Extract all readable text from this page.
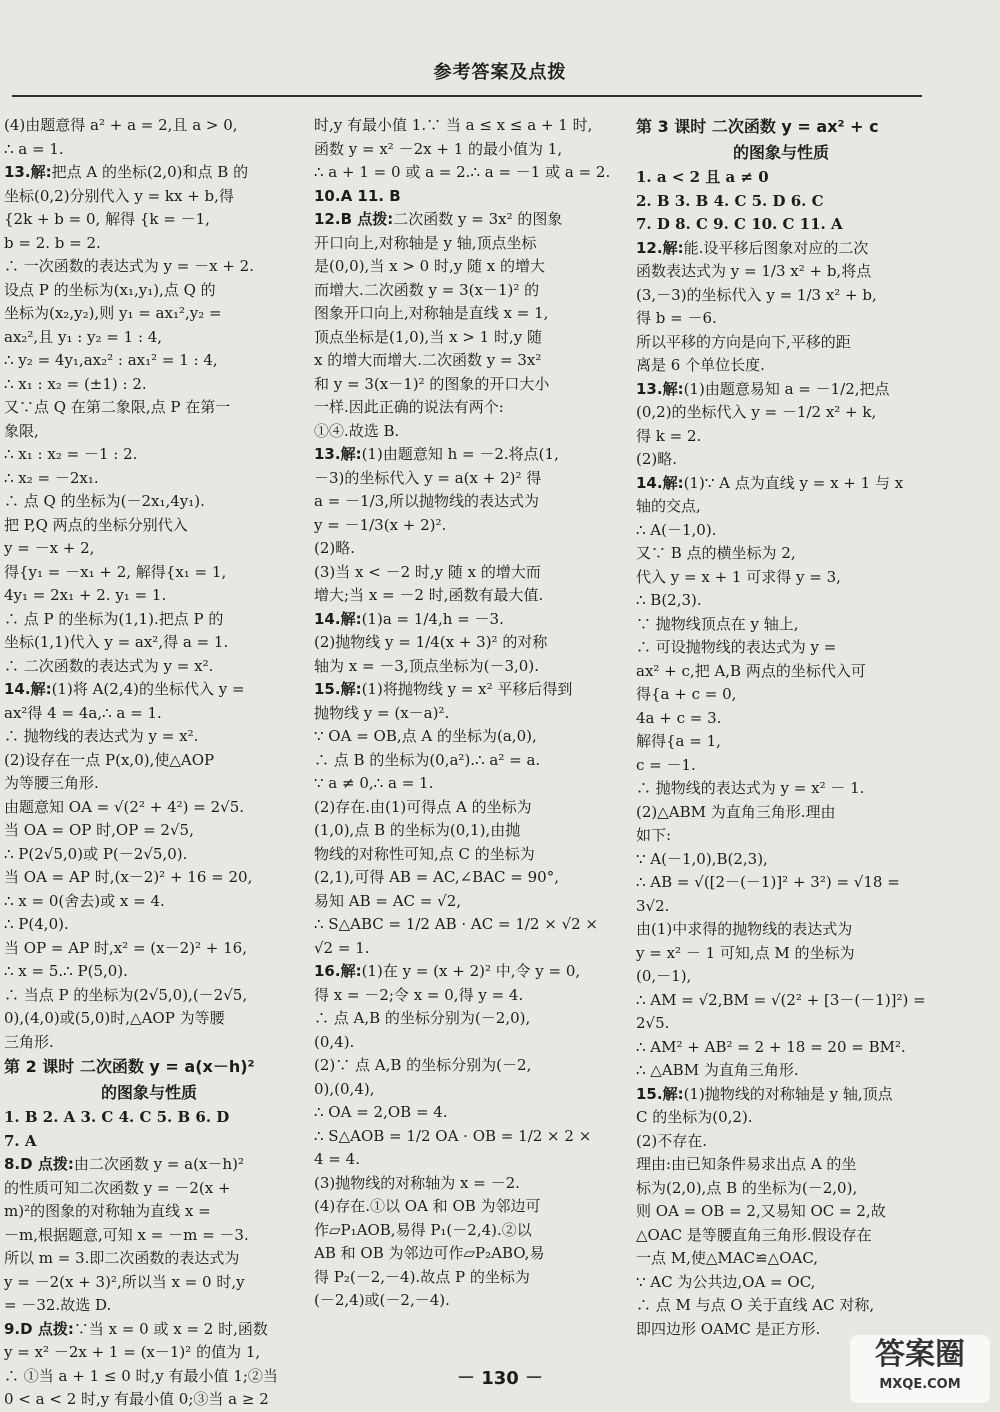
参考答案及点拨
(4)由题意得 a² + a = 2,且 a > 0,
∴ a = 1.
13.解:把点 A 的坐标(2,0)和点 B 的
坐标(0,2)分别代入 y = kx + b,得
{2k + b = 0, 解得 {k = －1,
b = 2. b = 2.
∴ 一次函数的表达式为 y = －x + 2.
设点 P 的坐标为(x₁,y₁),点 Q 的
坐标为(x₂,y₂),则 y₁ = ax₁²,y₂ =
ax₂²,且 y₁ : y₂ = 1 : 4,
∴ y₂ = 4y₁,ax₂² : ax₁² = 1 : 4,
∴ x₁ : x₂ = (±1) : 2.
又∵点 Q 在第二象限,点 P 在第一
象限,
∴ x₁ : x₂ = －1 : 2.
∴ x₂ = －2x₁.
∴ 点 Q 的坐标为(－2x₁,4y₁).
把 P,Q 两点的坐标分别代入
y = －x + 2,
得{y₁ = －x₁ + 2, 解得{x₁ = 1,
4y₁ = 2x₁ + 2. y₁ = 1.
∴ 点 P 的坐标为(1,1).把点 P 的
坐标(1,1)代入 y = ax²,得 a = 1.
∴ 二次函数的表达式为 y = x².
14.解:(1)将 A(2,4)的坐标代入 y =
ax²得 4 = 4a,∴ a = 1.
∴ 抛物线的表达式为 y = x².
(2)设存在一点 P(x,0),使△AOP
为等腰三角形.
由题意知 OA = √(2² + 4²) = 2√5.
当 OA = OP 时,OP = 2√5,
∴ P(2√5,0)或 P(－2√5,0).
当 OA = AP 时,(x－2)² + 16 = 20,
∴ x = 0(舍去)或 x = 4.
∴ P(4,0).
当 OP = AP 时,x² = (x－2)² + 16,
∴ x = 5.∴ P(5,0).
∴ 当点 P 的坐标为(2√5,0),(－2√5,
0),(4,0)或(5,0)时,△AOP 为等腰
三角形.
第 2 课时 二次函数 y = a(x－h)²
的图象与性质
1. B 2. A 3. C 4. C 5. B 6. D
7. A
8.D 点拨:由二次函数 y = a(x－h)²
的性质可知二次函数 y = －2(x +
m)²的图象的对称轴为直线 x =
－m,根据题意,可知 x = －m = －3.
所以 m = 3.即二次函数的表达式为
y = －2(x + 3)²,所以当 x = 0 时,y
= －32.故选 D.
9.D 点拨:∵当 x = 0 或 x = 2 时,函数
y = x² －2x + 1 = (x－1)² 的值为 1,
∴ ①当 a + 1 ≤ 0 时,y 有最小值 1;②当
0 < a < 2 时,y 有最小值 0;③当 a ≥ 2
时,y 有最小值 1.∵ 当 a ≤ x ≤ a + 1 时,
函数 y = x² －2x + 1 的最小值为 1,
∴ a + 1 = 0 或 a = 2.∴ a = －1 或 a = 2.
10.A 11. B
12.B 点拨:二次函数 y = 3x² 的图象
开口向上,对称轴是 y 轴,顶点坐标
是(0,0),当 x > 0 时,y 随 x 的增大
而增大.二次函数 y = 3(x－1)² 的
图象开口向上,对称轴是直线 x = 1,
顶点坐标是(1,0),当 x > 1 时,y 随
x 的增大而增大.二次函数 y = 3x²
和 y = 3(x－1)² 的图象的开口大小
一样.因此正确的说法有两个:
①④.故选 B.
13.解:(1)由题意知 h = －2.将点(1,
－3)的坐标代入 y = a(x + 2)² 得
a = －1/3,所以抛物线的表达式为
y = －1/3(x + 2)².
(2)略.
(3)当 x < －2 时,y 随 x 的增大而
增大;当 x = －2 时,函数有最大值.
14.解:(1)a = 1/4,h = －3.
(2)抛物线 y = 1/4(x + 3)² 的对称
轴为 x = －3,顶点坐标为(－3,0).
15.解:(1)将抛物线 y = x² 平移后得到
抛物线 y = (x－a)².
∵ OA = OB,点 A 的坐标为(a,0),
∴ 点 B 的坐标为(0,a²).∴ a² = a.
∵ a ≠ 0,∴ a = 1.
(2)存在.由(1)可得点 A 的坐标为
(1,0),点 B 的坐标为(0,1),由抛
物线的对称性可知,点 C 的坐标为
(2,1),可得 AB = AC,∠BAC = 90°,
易知 AB = AC = √2,
∴ S△ABC = 1/2 AB · AC = 1/2 × √2 ×
√2 = 1.
16.解:(1)在 y = (x + 2)² 中,令 y = 0,
得 x = －2;令 x = 0,得 y = 4.
∴ 点 A,B 的坐标分别为(－2,0),
(0,4).
(2)∵ 点 A,B 的坐标分别为(－2,
0),(0,4),
∴ OA = 2,OB = 4.
∴ S△AOB = 1/2 OA · OB = 1/2 × 2 ×
4 = 4.
(3)抛物线的对称轴为 x = －2.
(4)存在.①以 OA 和 OB 为邻边可
作▱P₁AOB,易得 P₁(－2,4).②以
AB 和 OB 为邻边可作▱P₂ABO,易
得 P₂(－2,－4).故点 P 的坐标为
(－2,4)或(－2,－4).
第 3 课时 二次函数 y = ax² + c
的图象与性质
1. a < 2 且 a ≠ 0
2. B 3. B 4. C 5. D 6. C
7. D 8. C 9. C 10. C 11. A
12.解:能.设平移后图象对应的二次
函数表达式为 y = 1/3 x² + b,将点
(3,－3)的坐标代入 y = 1/3 x² + b,
得 b = －6.
所以平移的方向是向下,平移的距
离是 6 个单位长度.
13.解:(1)由题意易知 a = －1/2,把点
(0,2)的坐标代入 y = －1/2 x² + k,
得 k = 2.
(2)略.
14.解:(1)∵ A 点为直线 y = x + 1 与 x
轴的交点,
∴ A(－1,0).
又∵ B 点的横坐标为 2,
代入 y = x + 1 可求得 y = 3,
∴ B(2,3).
∵ 抛物线顶点在 y 轴上,
∴ 可设抛物线的表达式为 y =
ax² + c,把 A,B 两点的坐标代入可
得{a + c = 0,
4a + c = 3.
解得{a = 1,
c = －1.
∴ 抛物线的表达式为 y = x² － 1.
(2)△ABM 为直角三角形.理由
如下:
∵ A(－1,0),B(2,3),
∴ AB = √([2－(－1)]² + 3²) = √18 =
3√2.
由(1)中求得的抛物线的表达式为
y = x² － 1 可知,点 M 的坐标为
(0,－1),
∴ AM = √2,BM = √(2² + [3－(－1)]²) =
2√5.
∴ AM² + AB² = 2 + 18 = 20 = BM².
∴ △ABM 为直角三角形.
15.解:(1)抛物线的对称轴是 y 轴,顶点
C 的坐标为(0,2).
(2)不存在.
理由:由已知条件易求出点 A 的坐
标为(2,0),点 B 的坐标为(－2,0),
则 OA = OB = 2,又易知 OC = 2,故
△OAC 是等腰直角三角形.假设存在
一点 M,使△MAC≌△OAC,
∵ AC 为公共边,OA = OC,
∴ 点 M 与点 O 关于直线 AC 对称,
即四边形 OAMC 是正方形.
－ 130 －
答案圈
MXQE.COM
